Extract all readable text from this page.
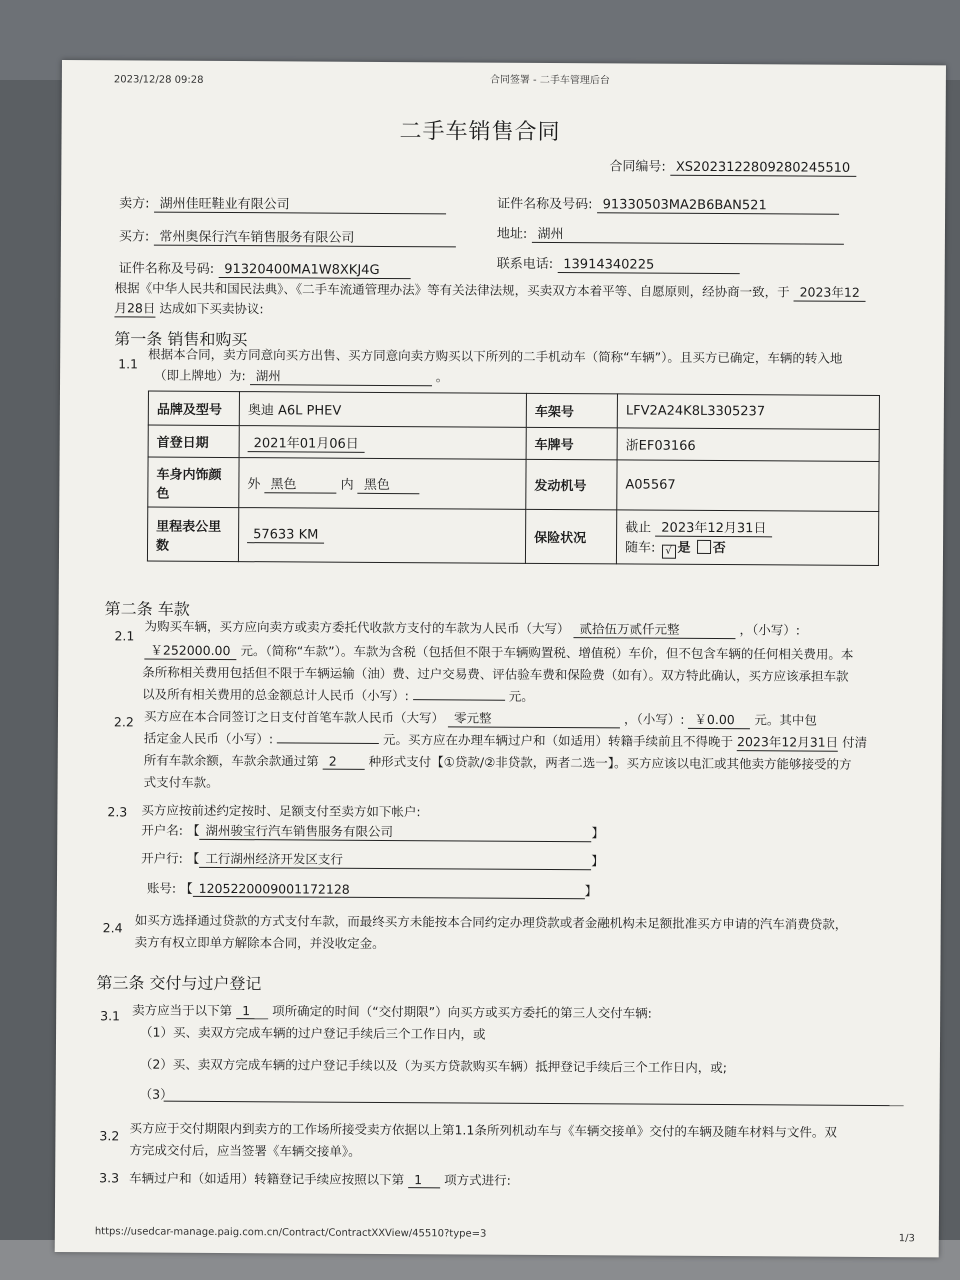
2023/12/28 09:28	合同签署 - 二手车管理后台
二手车销售合同
合同编号: XS2023122809280245510
卖方: 湖州佳旺鞋业有限公司	证件名称及号码: 91330503MA2B6BAN521
买方: 常州奥保行汽车销售服务有限公司	地址: 湖州
证件名称及号码: 91320400MA1W8XKJ4G	联系电话: 13914340225
根据《中华人民共和国民法典》、《二手车流通管理办法》等有关法律法规，买卖双方本着平等、自愿原则，经协商一致，于 2023年12
月28日 达成如下买卖协议:
第一条 销售和购买
1.1 根据本合同，卖方同意向买方出售、买方同意向卖方购买以下所列的二手机动车（简称“车辆”）。且买方已确定，车辆的转入地
（即上牌地）为: 湖州	。
品牌及型号	奥迪 A6L PHEV	车架号	LFV2A24K8L3305237
首登日期	2021年01月06日	车牌号	浙EF03166
车身内饰颜色	外 黑色 内 黑色	发动机号	A05567
里程表公里数	57633 KM	保险状况	截止 2023年12月31日
随车: √ 是 否
第二条 车款
2.1 为购买车辆，买方应向卖方或卖方委托代收款方支付的车款为人民币（大写） 贰拾伍万贰仟元整	，（小写）:
￥252000.00 元。（简称“车款”）。车款为含税（包括但不限于车辆购置税、增值税）车价，但不包含车辆的任何相关费用。本
条所称相关费用包括但不限于车辆运输（油）费、过户交易费、评估验车费和保险费（如有）。双方特此确认，买方应该承担车款
以及所有相关费用的总金额总计人民币（小写）:	元。
2.2 买方应在本合同签订之日支付首笔车款人民币（大写） 零元整	，（小写）: ￥0.00 元。其中包
括定金人民币（小写）:	元。买方应在办理车辆过户和（如适用）转籍手续前且不得晚于 2023年12月31日 付清
所有车款余额，车款余款通过第 2	种形式支付【①贷款/②非贷款，两者二选一】。买方应该以电汇或其他卖方能够接受的方
式支付车款。
2.3 买方应按前述约定按时、足额支付至卖方如下帐户:
开户名: 【 湖州骏宝行汽车销售服务有限公司	】
开户行: 【 工行湖州经济开发区支行	】
账号: 【 1205220009001172128	】
2.4 如买方选择通过贷款的方式支付车款，而最终买方未能按本合同约定办理贷款或者金融机构未足额批准买方申请的汽车消费贷款，
卖方有权立即单方解除本合同，并没收定金。
第三条 交付与过户登记
3.1 卖方应当于以下第 1 项所确定的时间（“交付期限”）向买方或买方委托的第三人交付车辆:
（1）买、卖双方完成车辆的过户登记手续后三个工作日内，或
（2）买、卖双方完成车辆的过户登记手续以及（为买方贷款购买车辆）抵押登记手续后三个工作日内，或;
（3）
3.2 买方应于交付期限内到卖方的工作场所接受卖方依据以上第1.1条所列机动车与《车辆交接单》交付的车辆及随车材料与文件。双
方完成交付后，应当签署《车辆交接单》。
3.3 车辆过户和（如适用）转籍登记手续应按照以下第 1 项方式进行:
https://usedcar-manage.paig.com.cn/Contract/ContractXXView/45510?type=3	1/3
